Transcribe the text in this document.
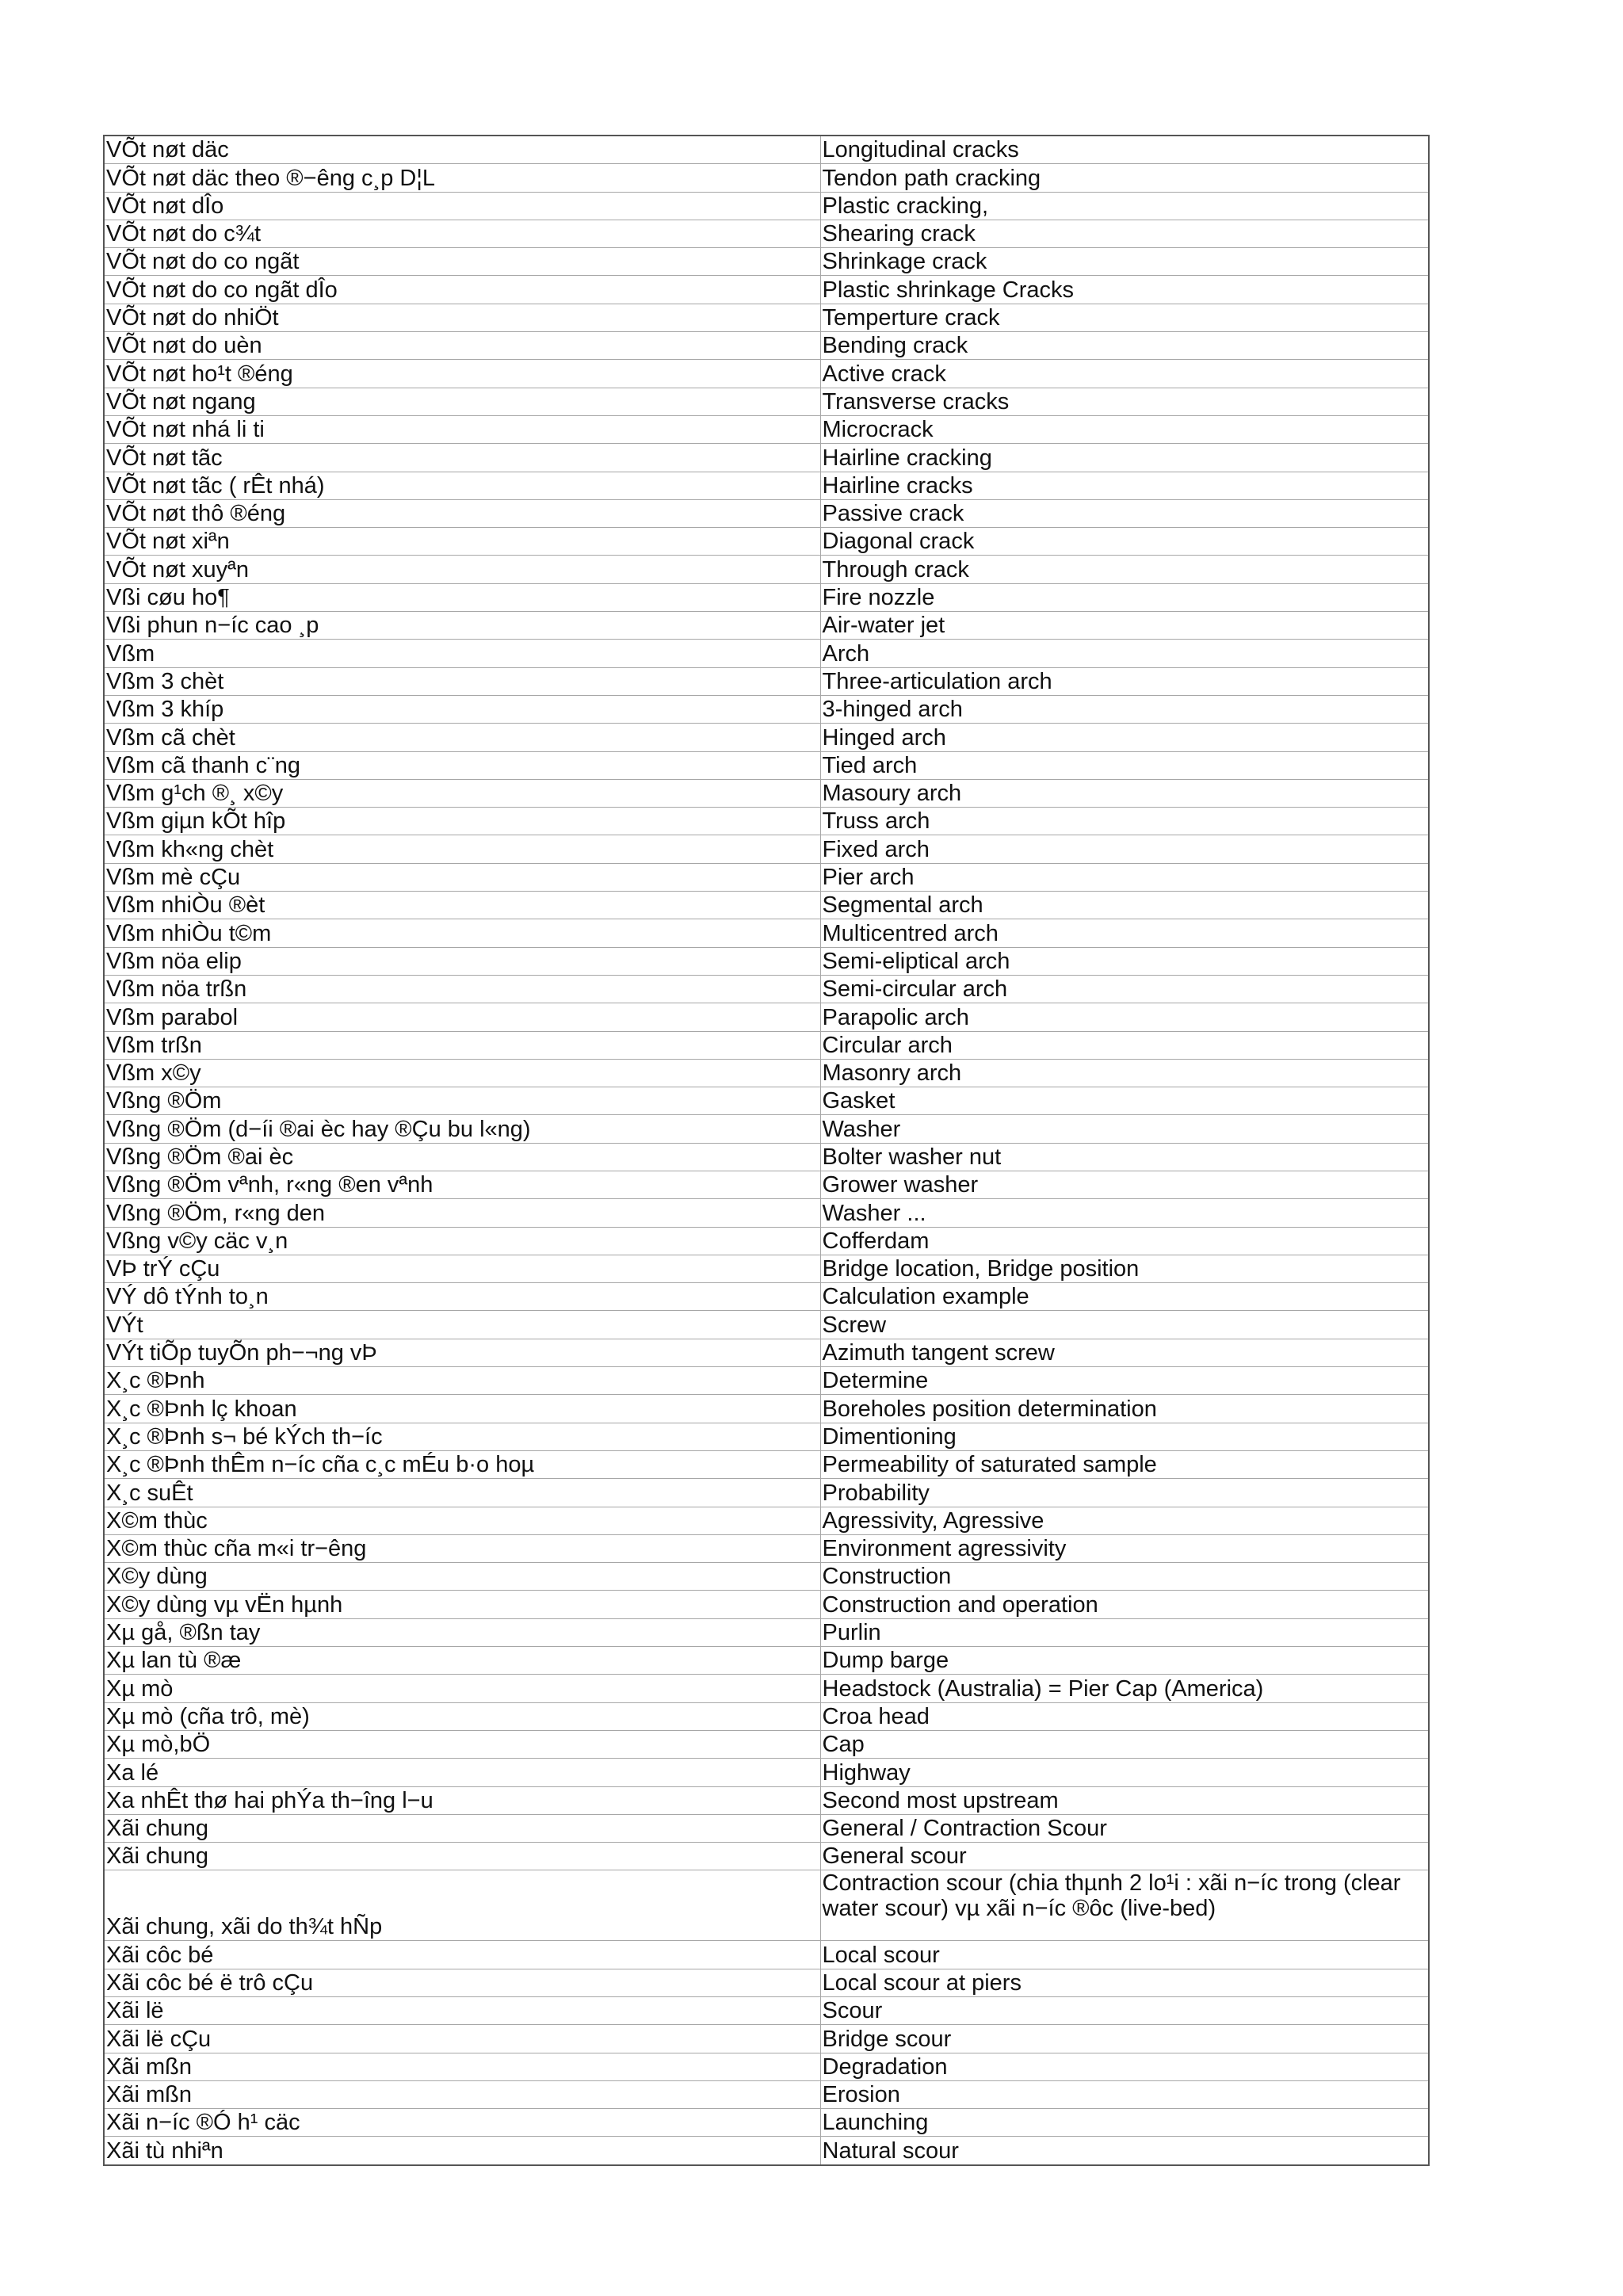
VÕt nøt däc	Longitudinal cracks
VÕt nøt däc theo ®−êng c¸p D¦L	Tendon path cracking
VÕt nøt dÎo	Plastic cracking,
VÕt nøt do c¾t	Shearing crack
VÕt nøt do co ngãt	Shrinkage crack
VÕt nøt do co ngãt dÎo	Plastic shrinkage Cracks
VÕt nøt do nhiÖt	Temperture crack
VÕt nøt do uèn	Bending crack
VÕt nøt ho¹t ®éng	Active crack
VÕt nøt ngang	Transverse cracks
VÕt nøt nhá li ti	Microcrack
VÕt nøt tãc	Hairline cracking
VÕt nøt tãc ( rÊt nhá)	Hairline cracks
VÕt nøt thô ®éng	Passive crack
VÕt nøt xiªn	Diagonal crack
VÕt nøt xuyªn	Through crack
Vßi cøu ho¶	Fire nozzle
Vßi phun n−íc cao ¸p	Air-water jet
Vßm	Arch
Vßm 3 chèt	Three-articulation arch
Vßm 3 khíp	3-hinged arch
Vßm cã chèt	Hinged arch
Vßm cã thanh c¨ng	Tied arch
Vßm g¹ch ®¸ x©y	Masoury arch
Vßm giµn kÕt hîp	Truss arch
Vßm kh«ng chèt	Fixed arch
Vßm mè cÇu	Pier arch
Vßm nhiÒu ®èt	Segmental arch
Vßm nhiÒu t©m	Multicentred arch
Vßm nöa elip	Semi-eliptical arch
Vßm nöa trßn	Semi-circular arch
Vßm parabol	Parapolic arch
Vßm trßn	Circular arch
Vßm x©y	Masonry arch
Vßng ®Öm	Gasket
Vßng ®Öm (d−íi ®ai èc hay ®Çu bu l«ng)	Washer
Vßng ®Öm ®ai èc	Bolter washer nut
Vßng ®Öm vªnh, r«ng ®en vªnh	Grower washer
Vßng ®Öm, r«ng den	Washer ...
Vßng v©y cäc v¸n	Cofferdam
VÞ trÝ cÇu	Bridge location, Bridge position
VÝ dô tÝnh to¸n	Calculation example
VÝt	Screw
VÝt tiÕp tuyÕn ph−¬ng vÞ	Azimuth tangent screw
X¸c ®Þnh	Determine
X¸c ®Þnh lç khoan	Boreholes position determination
X¸c ®Þnh s¬ bé kÝch th−íc	Dimentioning
X¸c ®Þnh thÊm n−íc cña c¸c mÉu b·o hoµ	Permeability of saturated sample
X¸c suÊt	Probability
X©m thùc	Agressivity, Agressive
X©m thùc cña m«i tr−êng	Environment agressivity
X©y dùng	Construction
X©y dùng vµ vËn hµnh	Construction and operation
Xµ gå, ®ßn tay	Purlin
Xµ lan tù ®æ	Dump barge
Xµ mò	Headstock (Australia) = Pier Cap (America)
Xµ mò (cña trô, mè)	Croa head
Xµ mò,bÖ	Cap
Xa lé	Highway
Xa nhÊt thø hai phÝa th−îng l−u	Second most upstream
Xãi chung	General / Contraction Scour
Xãi chung	General scour
Xãi chung, xãi do th¾t hÑp	Contraction scour (chia thµnh 2 lo¹i : xãi n−íc trong (clear water scour) vµ xãi n−íc ®ôc (live-bed)
Xãi côc bé	Local scour
Xãi côc bé ë trô cÇu	Local scour at piers
Xãi lë	Scour
Xãi lë cÇu	Bridge scour
Xãi mßn	Degradation
Xãi mßn	Erosion
Xãi n−íc ®Ó h¹ cäc	Launching
Xãi tù nhiªn	Natural scour
